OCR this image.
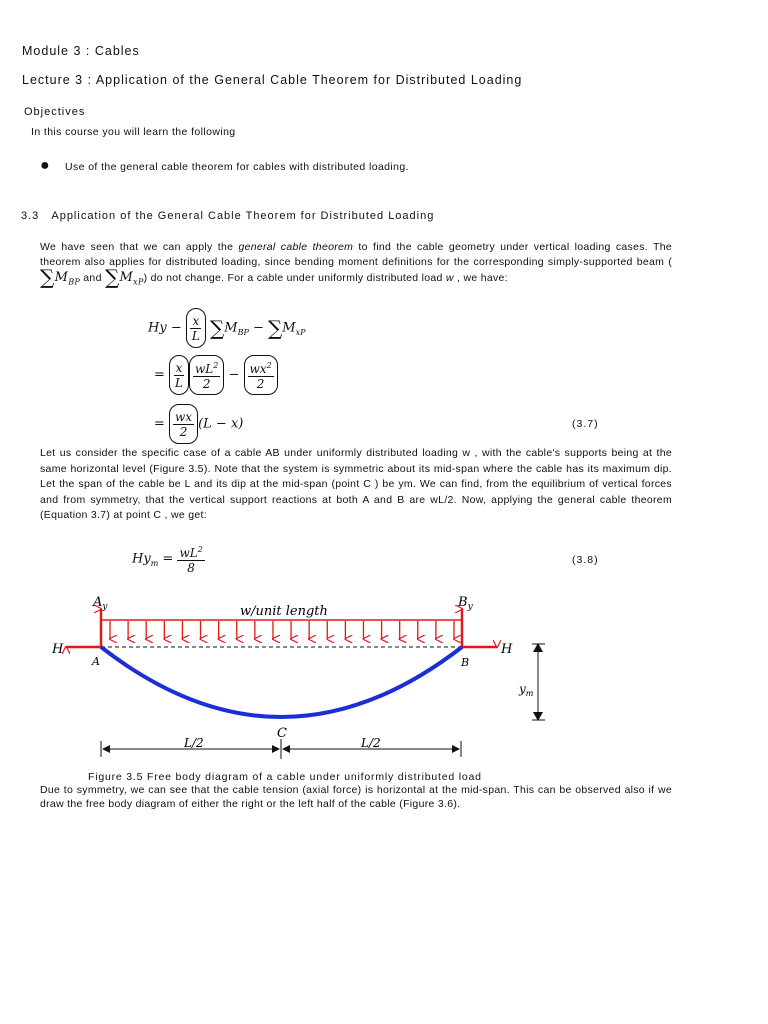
Module 3 : Cables
Lecture 3 : Application of the General Cable Theorem for Distributed Loading
Objectives
In this course you will learn the following
● Use of the general cable theorem for cables with distributed loading.
3.3 Application of the General Cable Theorem for Distributed Loading
We have seen that we can apply the general cable theorem to find the cable geometry under vertical loading cases. The theorem also applies for distributed loading, since bending moment definitions for the corresponding simply-supported beam ( $\sum M_{BP}$ and $\sum M_{xP}$) do not change. For a cable under uniformly distributed load w , we have:
$Hy - \frac{x}{L} \sum M_{BP} - \sum M_{xP}$
= $\frac{x}{L} \frac{wL^2}{2} - \frac{wx^2}{2}$
= $\frac{wx}{2} (L - x)$	(3.7)
Let us consider the specific case of a cable AB under uniformly distributed loading w , with the cable's supports being at the same horizontal level (Figure 3.5). Note that the system is symmetric about its mid-span where the cable has its maximum dip. Let the span of the cable be L and its dip at the mid-span (point C ) be ym. We can find, from the equilibrium of vertical forces and from symmetry, that the vertical support reactions at both A and B are wL/2. Now, applying the general cable theorem (Equation 3.7) at point C , we get:
$Hy_m = \frac{wL^2}{8}$	(3.8)
$A_y$	$B_y$
w/unit length
H	H
A	B
C
$y_m$
L/2	L/2
Figure 3.5 Free body diagram of a cable under uniformly distributed load
Due to symmetry, we can see that the cable tension (axial force) is horizontal at the mid-span. This can be observed also if we draw the free body diagram of either the right or the left half of the cable (Figure 3.6).
